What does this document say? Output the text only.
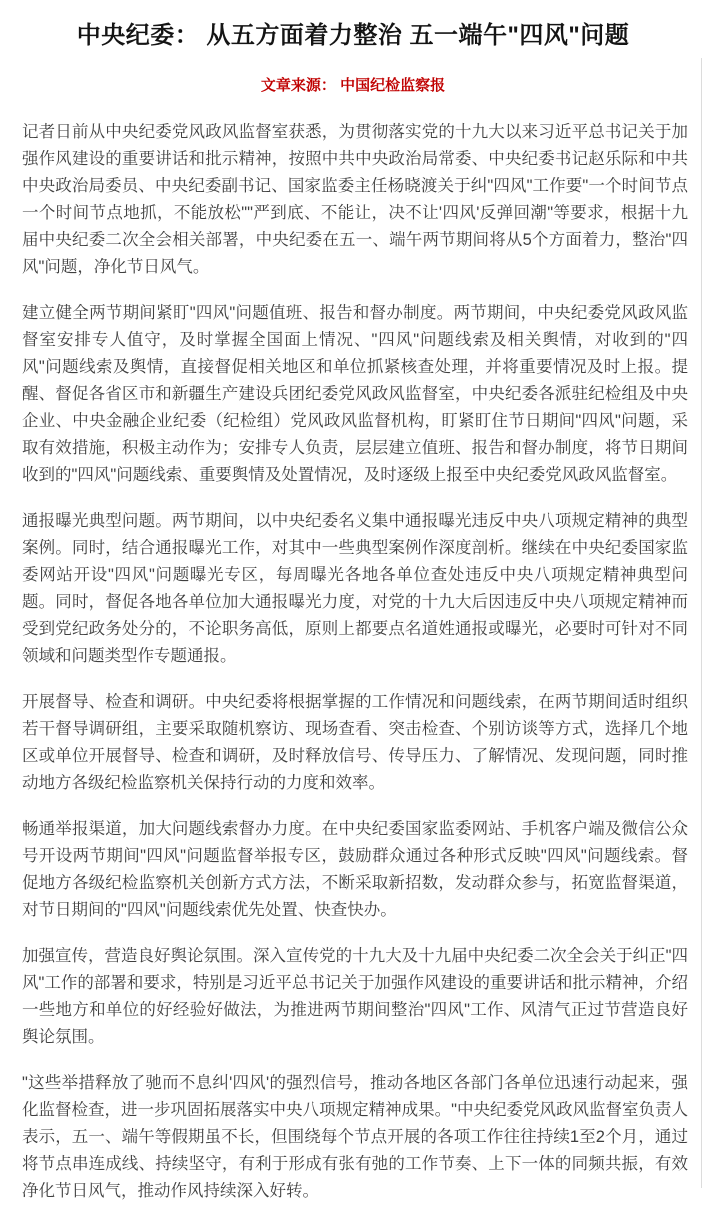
中央纪委： 从五方面着力整治 五一端午"四风"问题
文章来源： 中国纪检监察报

记者日前从中央纪委党风政风监督室获悉，为贯彻落实党的十九大以来习近平总书记关于加强作风建设的重要讲话和批示精神，按照中共中央政治局常委、中央纪委书记赵乐际和中共中央政治局委员、中央纪委副书记、国家监委主任杨晓渡关于纠"四风"工作要"一个时间节点一个时间节点地抓，不能放松""严到底、不能让，决不让'四风'反弹回潮"等要求，根据十九届中央纪委二次全会相关部署，中央纪委在五一、端午两节期间将从5个方面着力，整治"四风"问题，净化节日风气。

建立健全两节期间紧盯"四风"问题值班、报告和督办制度。两节期间，中央纪委党风政风监督室安排专人值守，及时掌握全国面上情况、"四风"问题线索及相关舆情，对收到的"四风"问题线索及舆情，直接督促相关地区和单位抓紧核查处理，并将重要情况及时上报。提醒、督促各省区市和新疆生产建设兵团纪委党风政风监督室，中央纪委各派驻纪检组及中央企业、中央金融企业纪委（纪检组）党风政风监督机构，盯紧盯住节日期间"四风"问题，采取有效措施，积极主动作为；安排专人负责，层层建立值班、报告和督办制度，将节日期间收到的"四风"问题线索、重要舆情及处置情况，及时逐级上报至中央纪委党风政风监督室。

通报曝光典型问题。两节期间，以中央纪委名义集中通报曝光违反中央八项规定精神的典型案例。同时，结合通报曝光工作，对其中一些典型案例作深度剖析。继续在中央纪委国家监委网站开设"四风"问题曝光专区，每周曝光各地各单位查处违反中央八项规定精神典型问题。同时，督促各地各单位加大通报曝光力度，对党的十九大后因违反中央八项规定精神而受到党纪政务处分的，不论职务高低，原则上都要点名道姓通报或曝光，必要时可针对不同领域和问题类型作专题通报。

开展督导、检查和调研。中央纪委将根据掌握的工作情况和问题线索，在两节期间适时组织若干督导调研组，主要采取随机察访、现场查看、突击检查、个别访谈等方式，选择几个地区或单位开展督导、检查和调研，及时释放信号、传导压力、了解情况、发现问题，同时推动地方各级纪检监察机关保持行动的力度和效率。

畅通举报渠道，加大问题线索督办力度。在中央纪委国家监委网站、手机客户端及微信公众号开设两节期间"四风"问题监督举报专区，鼓励群众通过各种形式反映"四风"问题线索。督促地方各级纪检监察机关创新方式方法，不断采取新招数，发动群众参与，拓宽监督渠道，对节日期间的"四风"问题线索优先处置、快查快办。

加强宣传，营造良好舆论氛围。深入宣传党的十九大及十九届中央纪委二次全会关于纠正"四风"工作的部署和要求，特别是习近平总书记关于加强作风建设的重要讲话和批示精神，介绍一些地方和单位的好经验好做法，为推进两节期间整治"四风"工作、风清气正过节营造良好舆论氛围。

"这些举措释放了驰而不息纠'四风'的强烈信号，推动各地区各部门各单位迅速行动起来，强化监督检查，进一步巩固拓展落实中央八项规定精神成果。"中央纪委党风政风监督室负责人表示，五一、端午等假期虽不长，但围绕每个节点开展的各项工作往往持续1至2个月，通过将节点串连成线、持续坚守，有利于形成有张有弛的工作节奏、上下一体的同频共振，有效净化节日风气，推动作风持续深入好转。
